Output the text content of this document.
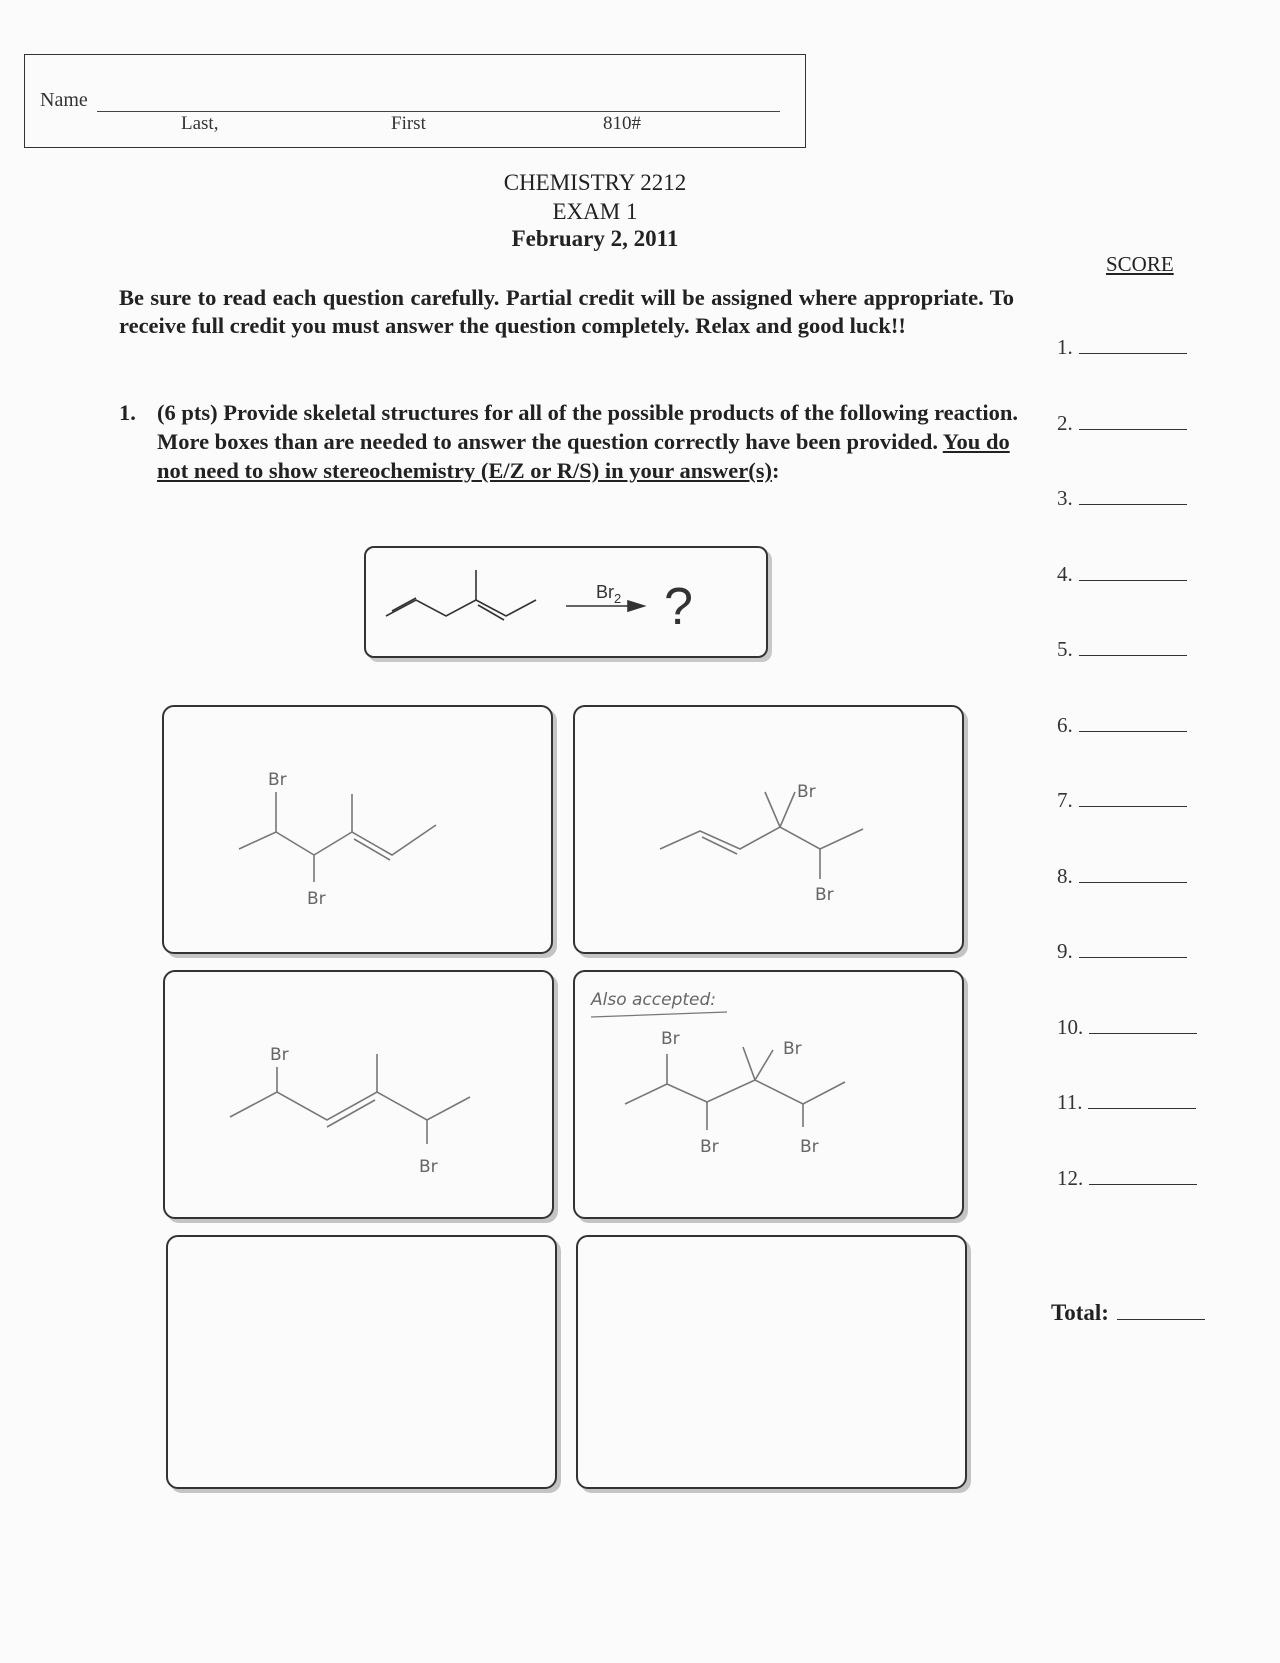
Name
Last,	First	810#
CHEMISTRY 2212
EXAM 1
February 2, 2011
Be sure to read each question carefully. Partial credit will be assigned where appropriate. To receive full credit you must answer the question completely. Relax and good luck!!
1. (6 pts) Provide skeletal structures for all of the possible products of the following reaction. More boxes than are needed to answer the question correctly have been provided. You do not need to show stereochemistry (E/Z or R/S) in your answer(s):
SCORE
1.
2.
3.
4.
5.
6.
7.
8.
9.
10.
11.
12.
Total:
$Br_2$ ?
Br
Br
Br
Br
Br
Br
Also accepted:
Br	Br
Br	Br
